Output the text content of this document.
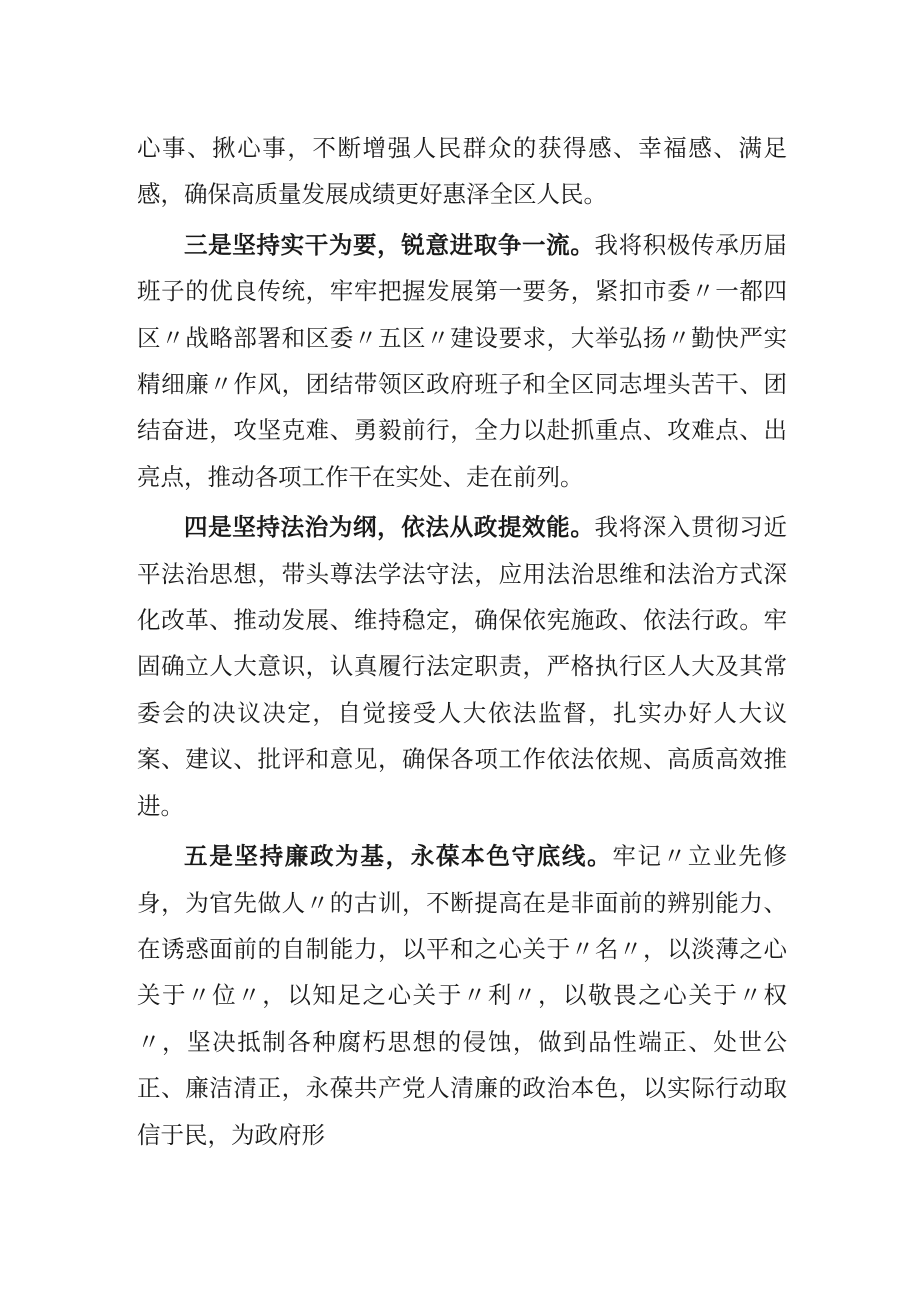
心事、揪心事，不断增强人民群众的获得感、幸福感、满足感，确保高质量发展成绩更好惠泽全区人民。

三是坚持实干为要，锐意进取争一流。我将积极传承历届班子的优良传统，牢牢把握发展第一要务，紧扣市委〃一都四区〃战略部署和区委〃五区〃建设要求，大举弘扬〃勤快严实精细廉〃作风，团结带领区政府班子和全区同志埋头苦干、团结奋进，攻坚克难、勇毅前行，全力以赴抓重点、攻难点、出亮点，推动各项工作干在实处、走在前列。

四是坚持法治为纲，依法从政提效能。我将深入贯彻习近平法治思想，带头尊法学法守法，应用法治思维和法治方式深化改革、推动发展、维持稳定，确保依宪施政、依法行政。牢固确立人大意识，认真履行法定职责，严格执行区人大及其常委会的决议决定，自觉接受人大依法监督，扎实办好人大议案、建议、批评和意见，确保各项工作依法依规、高质高效推进。

五是坚持廉政为基，永葆本色守底线。牢记〃立业先修身，为官先做人〃的古训，不断提高在是非面前的辨别能力、在诱惑面前的自制能力，以平和之心关于〃名〃，以淡薄之心关于〃位〃，以知足之心关于〃利〃，以敬畏之心关于〃权〃，坚决抵制各种腐朽思想的侵蚀，做到品性端正、处世公正、廉洁清正，永葆共产党人清廉的政治本色，以实际行动取信于民，为政府形
